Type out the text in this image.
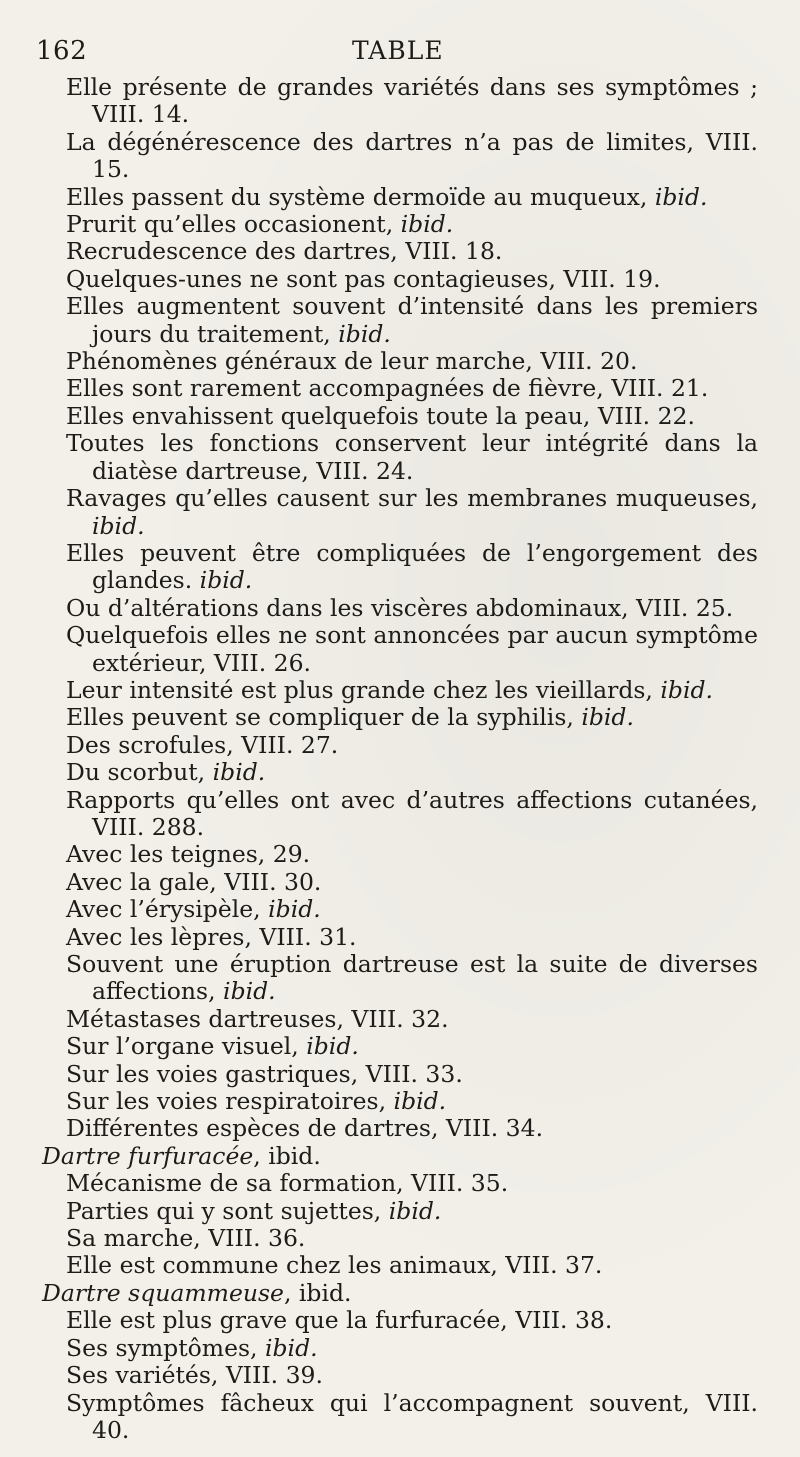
162	TABLE
Elle présente de grandes variétés dans ses symptômes ; VIII. 14.
La dégénérescence des dartres n’a pas de limites, VIII. 15.
Elles passent du système dermoïde au muqueux, ibid.
Prurit qu’elles occasionent, ibid.
Recrudescence des dartres, VIII. 18.
Quelques-unes ne sont pas contagieuses, VIII. 19.
Elles augmentent souvent d’intensité dans les premiers jours du traitement, ibid.
Phénomènes généraux de leur marche, VIII. 20.
Elles sont rarement accompagnées de fièvre, VIII. 21.
Elles envahissent quelquefois toute la peau, VIII. 22.
Toutes les fonctions conservent leur intégrité dans la diatèse dartreuse, VIII. 24.
Ravages qu’elles causent sur les membranes muqueuses, ibid.
Elles peuvent être compliquées de l’engorgement des glandes. ibid.
Ou d’altérations dans les viscères abdominaux, VIII. 25.
Quelquefois elles ne sont annoncées par aucun symptôme extérieur, VIII. 26.
Leur intensité est plus grande chez les vieillards, ibid.
Elles peuvent se compliquer de la syphilis, ibid.
Des scrofules, VIII. 27.
Du scorbut, ibid.
Rapports qu’elles ont avec d’autres affections cutanées, VIII. 288.
Avec les teignes, 29.
Avec la gale, VIII. 30.
Avec l’érysipèle, ibid.
Avec les lèpres, VIII. 31.
Souvent une éruption dartreuse est la suite de diverses affections, ibid.
Métastases dartreuses, VIII. 32.
Sur l’organe visuel, ibid.
Sur les voies gastriques, VIII. 33.
Sur les voies respiratoires, ibid.
Différentes espèces de dartres, VIII. 34.
Dartre furfuracée, ibid.
Mécanisme de sa formation, VIII. 35.
Parties qui y sont sujettes, ibid.
Sa marche, VIII. 36.
Elle est commune chez les animaux, VIII. 37.
Dartre squammeuse, ibid.
Elle est plus grave que la furfuracée, VIII. 38.
Ses symptômes, ibid.
Ses variétés, VIII. 39.
Symptômes fâcheux qui l’accompagnent souvent, VIII. 40.
